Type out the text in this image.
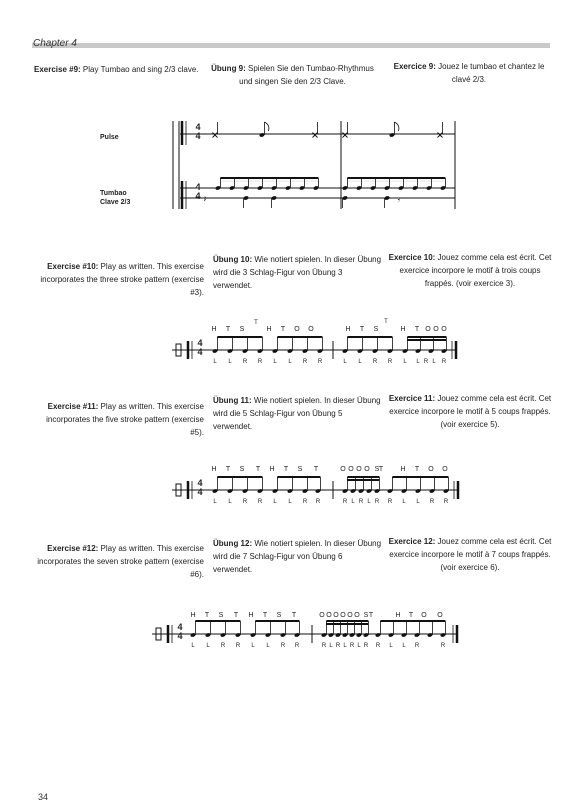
Chapter 4
Exercise #9: Play Tumbao and sing 2/3 clave.	Übung 9: Spielen Sie den Tumbao-Rhythmus und singen Sie den 2/3 Clave.
Exercice 9: Jouez le tumbao et chantez le clavé 2/3.
Pulse
Tumbao
Clave 2/3
Exercise #10: Play as written. This exercise incorporates the three stroke pattern (exercise #3).
Übung 10: Wie notiert spielen. In dieser Übung wird die 3 Schlag-Figur von Übung 3 verwendet.
Exercice 10: Jouez comme cela est écrit. Cet exercice incorpore le motif à trois coups frappés. (voir exercice 3).
Exercise #11: Play as written. This exercise incorporates the five stroke pattern (exercise #5).
Übung 11: Wie notiert spielen. In dieser Übung wird die 5 Schlag-Figur von Übung 5 verwendet.
Exercice 11: Jouez comme cela est écrit. Cet exercice incorpore le motif à 5 coups frappés. (voir exercice 5).
Exercise #12: Play as written. This exercise incorporates the seven stroke pattern (exercise #6).
Übung 12: Wie notiert spielen. In dieser Übung wird die 7 Schlag-Figur von Übung 6 verwendet.
Exercice 12: Jouez comme cela est écrit. Cet exercice incorpore le motif à 7 coups frappés. (voir exercice 6).
4
4
4
4 𝄽	𝄿
4
4
H T S	H T O O	H T S	H T O O O
L L R R L L R R	L L R R L L R L R
T	T
4
4
H T S T H T S T	O O O O S T H T O O
L L R R L L R R	R L R L R R L L R R
4
4
H T S T H T S T	O O O O O O S T	H T O O
L L R R L L R R	R L R L R L R R L L R	R
34
